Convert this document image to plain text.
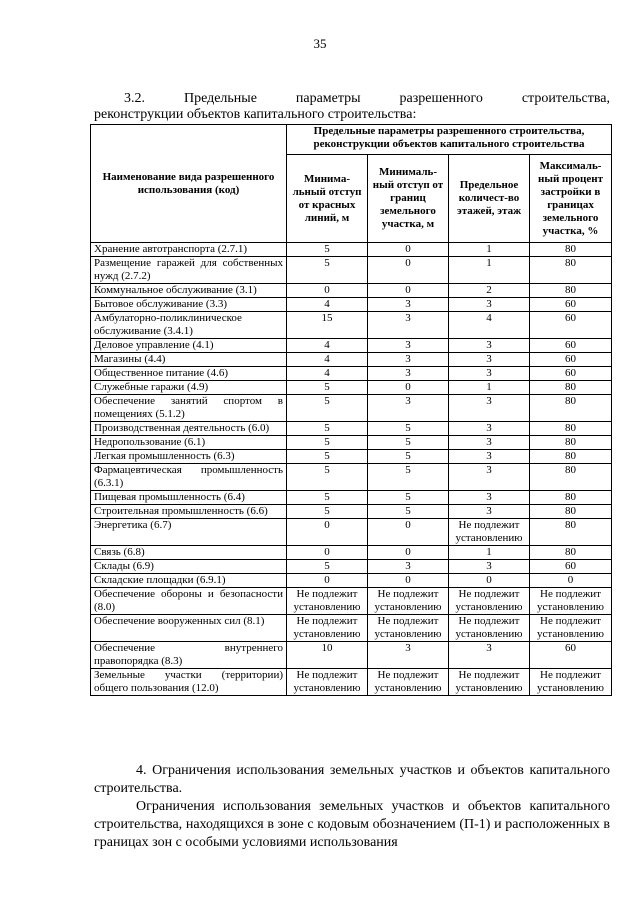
35
3.2.	Предельные	параметры	разрешенного	строительства,
реконструкции объектов капитального строительства:
Наименование вида разрешенного использования (код)	Предельные параметры разрешенного строительства, реконструкции объектов капитального строительства			
	Минима-льный отступ от красных линий, м	Минималь-ный отступ от границ земельного участка, м	Предельное количест-во этажей, этаж	Максималь-ный процент застройки в границах земельного участка, %
Хранение автотранспорта (2.7.1)	5	0	1	80
Размещение гаражей для собственных нужд (2.7.2)	5	0	1	80
Коммунальное обслуживание (3.1)	0	0	2	80
Бытовое обслуживание (3.3)	4	3	3	60
Амбулаторно-поликлиническое обслуживание (3.4.1)	15	3	4	60
Деловое управление (4.1)	4	3	3	60
Магазины (4.4)	4	3	3	60
Общественное питание (4.6)	4	3	3	60
Служебные гаражи (4.9)	5	0	1	80
Обеспечение занятий спортом в помещениях (5.1.2)	5	3	3	80
Производственная деятельность (6.0)	5	5	3	80
Недропользование (6.1)	5	5	3	80
Легкая промышленность (6.3)	5	5	3	80
Фармацевтическая промышленность (6.3.1)	5	5	3	80
Пищевая промышленность (6.4)	5	5	3	80
Строительная промышленность (6.6)	5	5	3	80
Энергетика (6.7)	0	0	Не подлежит установлению	80
Связь (6.8)	0	0	1	80
Склады (6.9)	5	3	3	60
Складские площадки (6.9.1)	0	0	0	0
Обеспечение обороны и безопасности (8.0)	Не подлежит установлению	Не подлежит установлению	Не подлежит установлению	Не подлежит установлению
Обеспечение вооруженных сил (8.1)	Не подлежит установлению	Не подлежит установлению	Не подлежит установлению	Не подлежит установлению
Обеспечение внутреннего правопорядка (8.3)	10	3	3	60
Земельные участки (территории) общего пользования (12.0)	Не подлежит установлению	Не подлежит установлению	Не подлежит установлению	Не подлежит установлению

4. Ограничения использования земельных участков и объектов капитального строительства.

Ограничения использования земельных участков и объектов капитального строительства, находящихся в зоне с кодовым обозначением (П-1) и расположенных в границах зон с особыми условиями использования
